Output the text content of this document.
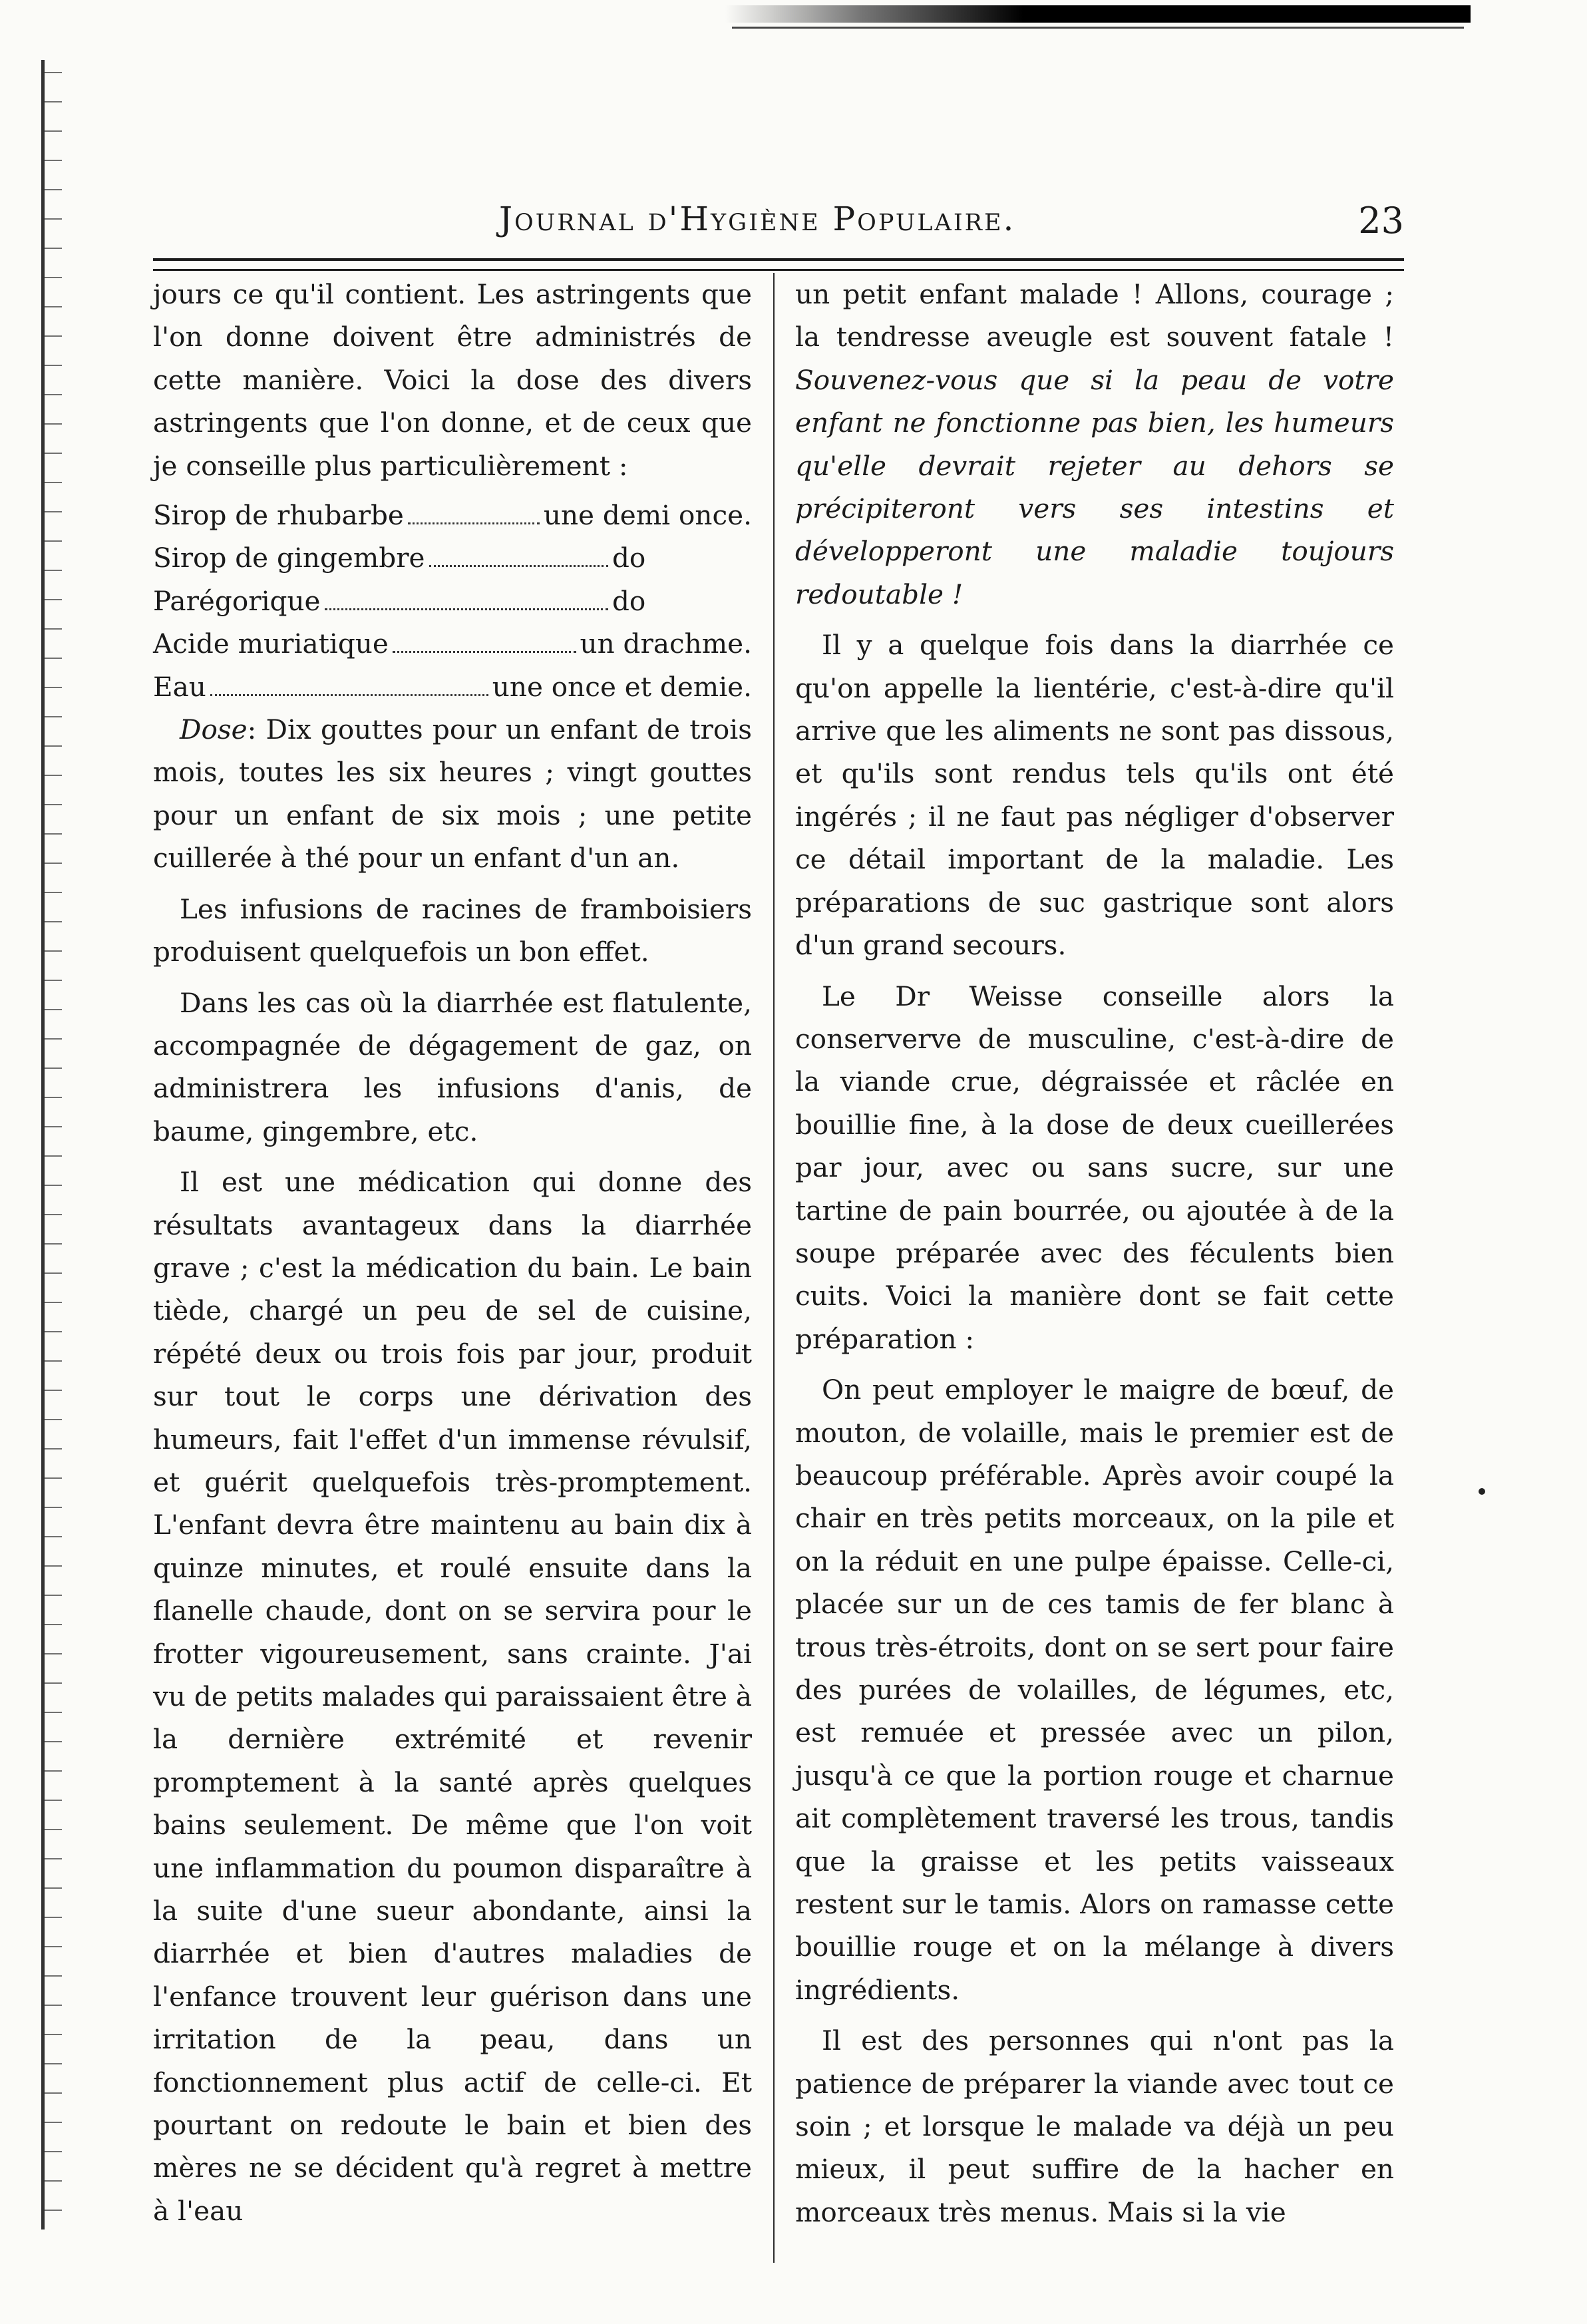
Journal d'Hygiène Populaire.	23

jours ce qu'il contient. Les astringents que l'on donne doivent être administrés de cette manière. Voici la dose des divers astringents que l'on donne, et de ceux que je conseille plus particulièrement :

Sirop de rhubarbe	une demi once.
Sirop de gingembre	do
Parégorique	do
Acide muriatique	un drachme.
Eau	une once et demie.

Dose: Dix gouttes pour un enfant de trois mois, toutes les six heures ; vingt gouttes pour un enfant de six mois ; une petite cuillerée à thé pour un enfant d'un an.

Les infusions de racines de framboisiers produisent quelquefois un bon effet.

Dans les cas où la diarrhée est flatulente, accompagnée de dégagement de gaz, on administrera les infusions d'anis, de baume, gingembre, etc.

Il est une médication qui donne des résultats avantageux dans la diarrhée grave ; c'est la médication du bain. Le bain tiède, chargé un peu de sel de cuisine, répété deux ou trois fois par jour, produit sur tout le corps une dérivation des humeurs, fait l'effet d'un immense révulsif, et guérit quelquefois très-promptement. L'enfant devra être maintenu au bain dix à quinze minutes, et roulé ensuite dans la flanelle chaude, dont on se servira pour le frotter vigoureusement, sans crainte. J'ai vu de petits malades qui paraissaient être à la dernière extrémité et revenir promptement à la santé après quelques bains seulement. De même que l'on voit une inflammation du poumon disparaître à la suite d'une sueur abondante, ainsi la diarrhée et bien d'autres maladies de l'enfance trouvent leur guérison dans une irritation de la peau, dans un fonctionnement plus actif de celle-ci. Et pourtant on redoute le bain et bien des mères ne se décident qu'à regret à mettre à l'eau

un petit enfant malade ! Allons, courage ; la tendresse aveugle est souvent fatale ! Souvenez-vous que si la peau de votre enfant ne fonctionne pas bien, les humeurs qu'elle devrait rejeter au dehors se précipiteront vers ses intestins et développeront une maladie toujours redoutable !

Il y a quelque fois dans la diarrhée ce qu'on appelle la lientérie, c'est-à-dire qu'il arrive que les aliments ne sont pas dissous, et qu'ils sont rendus tels qu'ils ont été ingérés ; il ne faut pas négliger d'observer ce détail important de la maladie. Les préparations de suc gastrique sont alors d'un grand secours.

Le Dr Weisse conseille alors la conserverve de musculine, c'est-à-dire de la viande crue, dégraissée et râclée en bouillie fine, à la dose de deux cueillerées par jour, avec ou sans sucre, sur une tartine de pain bourrée, ou ajoutée à de la soupe préparée avec des féculents bien cuits. Voici la manière dont se fait cette préparation :

On peut employer le maigre de bœuf, de mouton, de volaille, mais le premier est de beaucoup préférable. Après avoir coupé la chair en très petits morceaux, on la pile et on la réduit en une pulpe épaisse. Celle-ci, placée sur un de ces tamis de fer blanc à trous très-étroits, dont on se sert pour faire des purées de volailles, de légumes, etc, est remuée et pressée avec un pilon, jusqu'à ce que la portion rouge et charnue ait complètement traversé les trous, tandis que la graisse et les petits vaisseaux restent sur le tamis. Alors on ramasse cette bouillie rouge et on la mélange à divers ingrédients.

Il est des personnes qui n'ont pas la patience de préparer la viande avec tout ce soin ; et lorsque le malade va déjà un peu mieux, il peut suffire de la hacher en morceaux très menus. Mais si la vie
